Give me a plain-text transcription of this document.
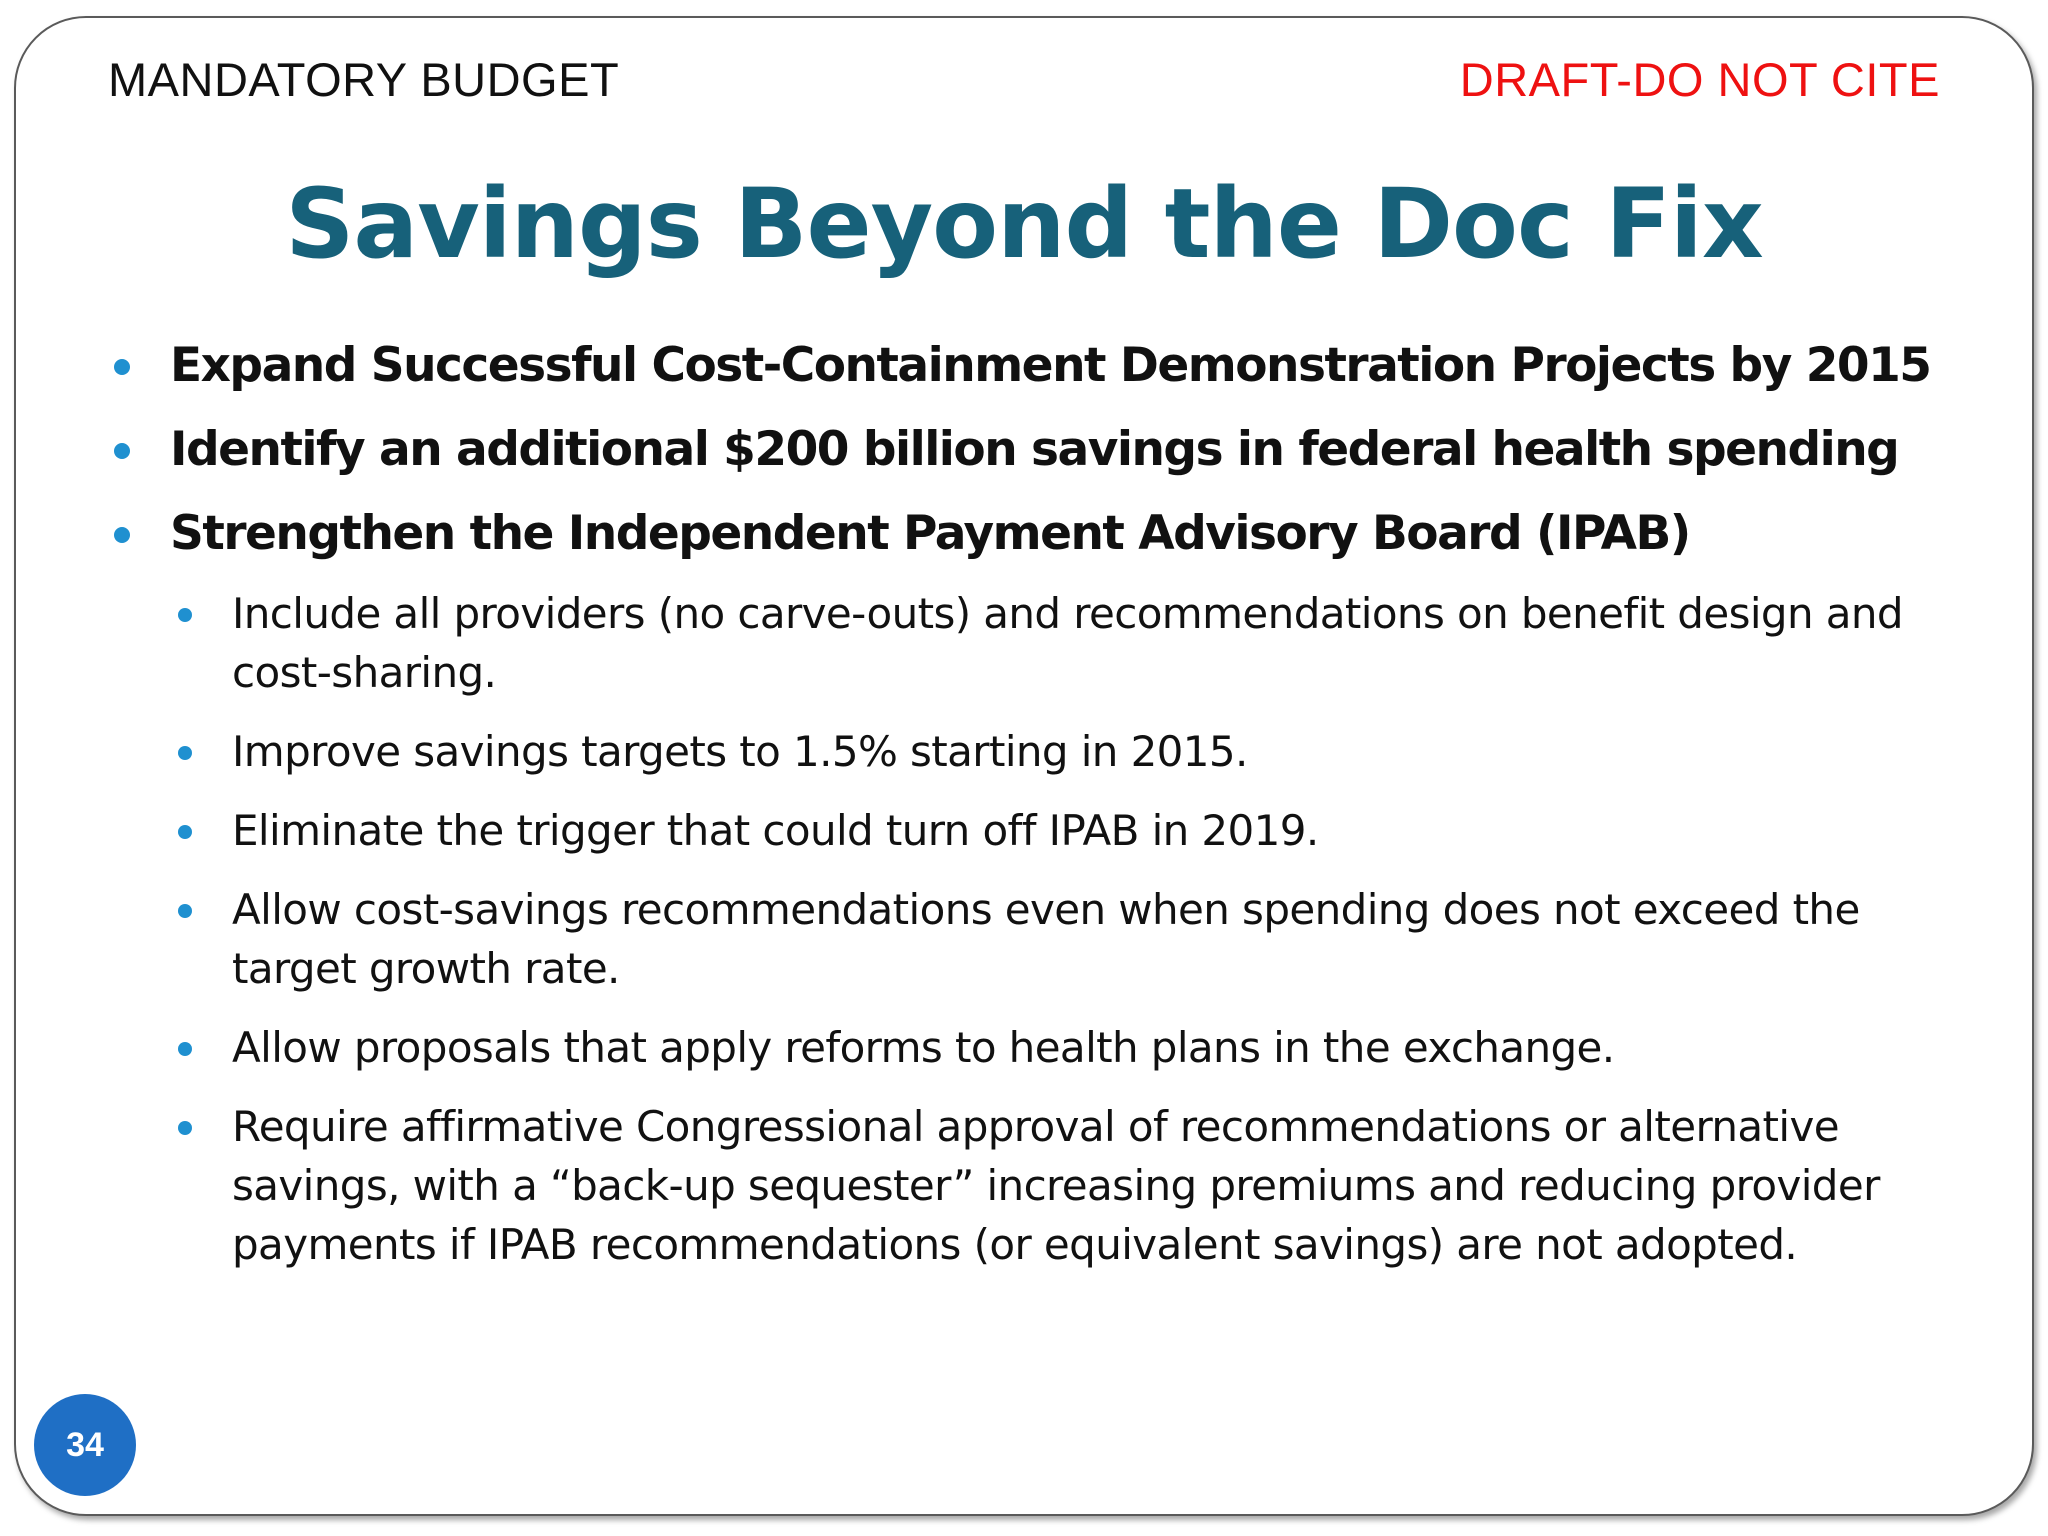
MANDATORY BUDGET	DRAFT-DO NOT CITE
Savings Beyond the Doc Fix
Expand Successful Cost-Containment Demonstration Projects by 2015
Identify an additional $200 billion savings in federal health spending
Strengthen the Independent Payment Advisory Board (IPAB)
Include all providers (no carve-outs) and recommendations on benefit design and cost-sharing.
Improve savings targets to 1.5% starting in 2015.
Eliminate the trigger that could turn off IPAB in 2019.
Allow cost-savings recommendations even when spending does not exceed the target growth rate.
Allow proposals that apply reforms to health plans in the exchange.
Require affirmative Congressional approval of recommendations or alternative savings, with a “back-up sequester” increasing premiums and reducing provider payments if IPAB recommendations (or equivalent savings) are not adopted.
34
